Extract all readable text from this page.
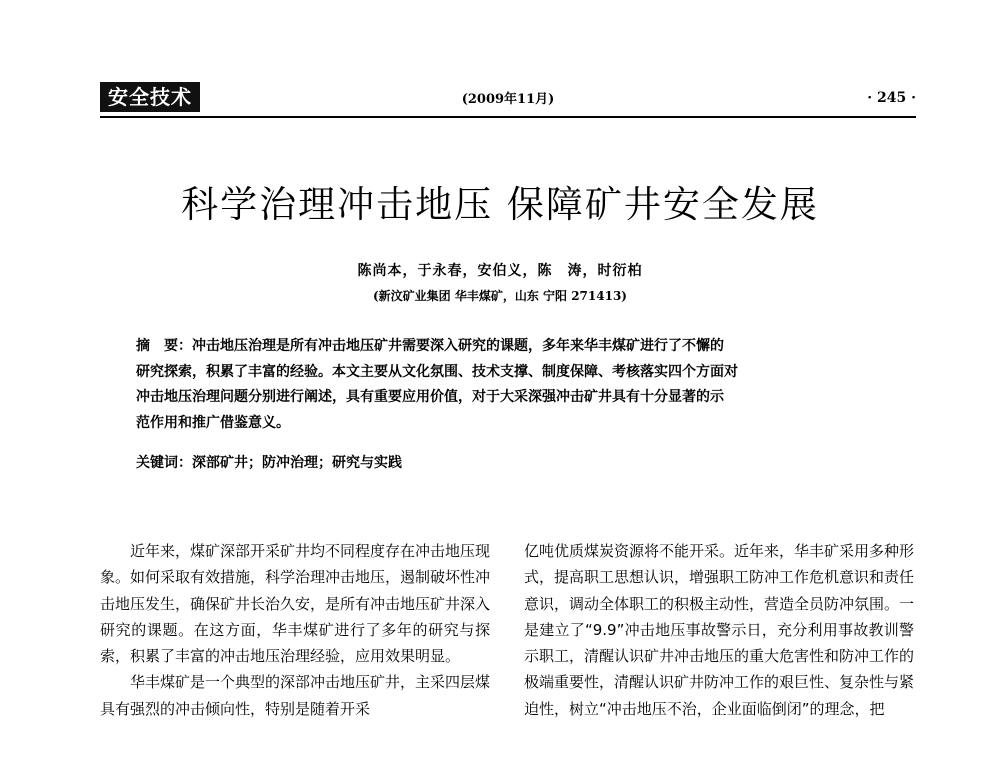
安全技术	(2009年11月)	· 245 ·
科学治理冲击地压 保障矿井安全发展
陈尚本，于永春，安伯义，陈　涛，时衍柏
(新汶矿业集团 华丰煤矿，山东 宁阳 271413)
摘　要：冲击地压治理是所有冲击地压矿井需要深入研究的课题，多年来华丰煤矿进行了不懈的
研究探索，积累了丰富的经验。本文主要从文化氛围、技术支撑、制度保障、考核落实四个方面对
冲击地压治理问题分别进行阐述，具有重要应用价值，对于大采深强冲击矿井具有十分显著的示
范作用和推广借鉴意义。
关键词：深部矿井；防冲治理；研究与实践

近年来，煤矿深部开采矿井均不同程度存在冲击地压现象。如何采取有效措施，科学治理冲击地压，遏制破坏性冲击地压发生，确保矿井长治久安，是所有冲击地压矿井深入研究的课题。在这方面，华丰煤矿进行了多年的研究与探索，积累了丰富的冲击地压治理经验，应用效果明显。

华丰煤矿是一个典型的深部冲击地压矿井，主采四层煤具有强烈的冲击倾向性，特别是随着开采

亿吨优质煤炭资源将不能开采。近年来，华丰矿采用多种形式，提高职工思想认识，增强职工防冲工作危机意识和责任意识，调动全体职工的积极主动性，营造全员防冲氛围。一是建立了“9.9”冲击地压事故警示日，充分利用事故教训警示职工，清醒认识矿井冲击地压的重大危害性和防冲工作的极端重要性，清醒认识矿井防冲工作的艰巨性、复杂性与紧迫性，树立“冲击地压不治，企业面临倒闭”的理念，把
